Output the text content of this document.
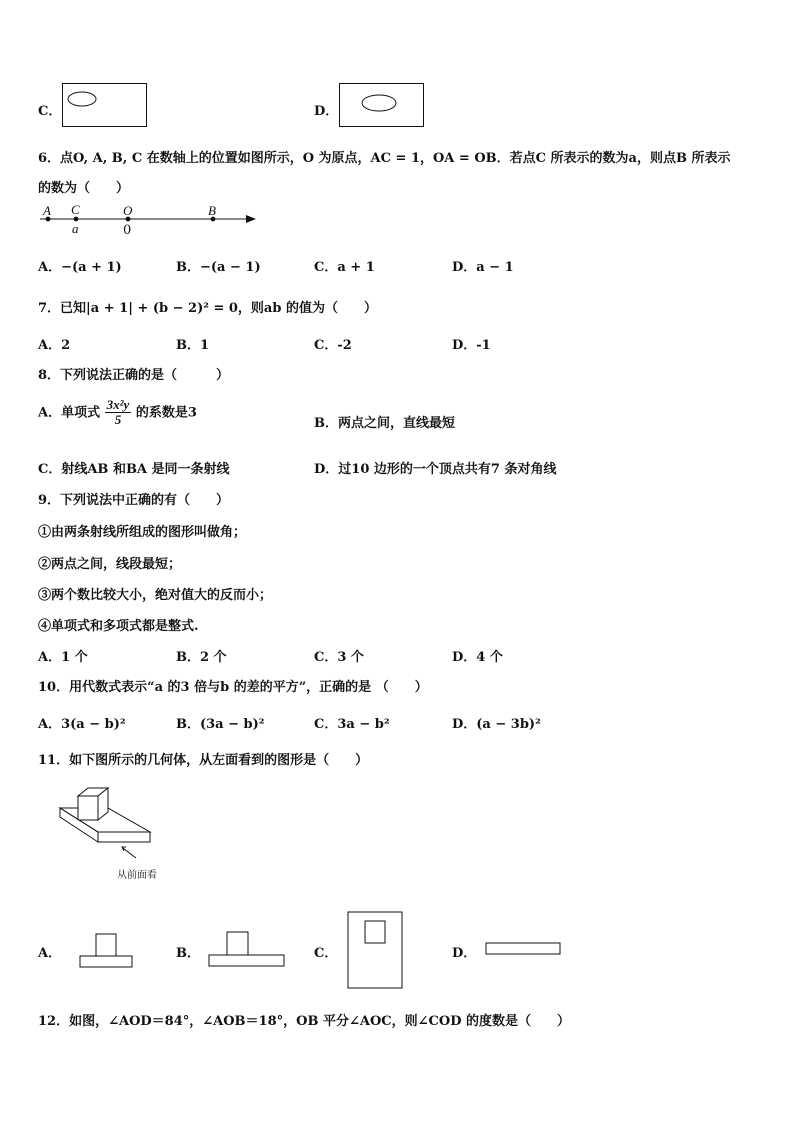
C．	D．
6．点O, A, B, C 在数轴上的位置如图所示，O 为原点，AC = 1，OA = OB．若点C 所表示的数为a，则点B 所表示
的数为（　　）
A C	O	B
a	0
A．−(a + 1)	B．−(a − 1)	C．a + 1	D．a − 1
7．已知|a + 1| + (b − 2)² = 0，则ab 的值为（　　）
A．2	B．1	C．-2	D．-1
8．下列说法正确的是（　　　）
A．单项式 $\frac{\text{3x²y}}{5}$ 的系数是3
B．两点之间，直线最短
C．射线AB 和BA 是同一条射线	D．过10 边形的一个顶点共有7 条对角线
9．下列说法中正确的有（　　）
①由两条射线所组成的图形叫做角；
②两点之间，线段最短；
③两个数比较大小，绝对值大的反而小；
④单项式和多项式都是整式.
A．1 个	B．2 个	C．3 个	D．4 个
10．用代数式表示“a 的3 倍与b 的差的平方”，正确的是 （　　）
A．3(a − b)²	B．(3a − b)²	C．3a − b²	D．(a − 3b)²
11．如下图所示的几何体，从左面看到的图形是（　　）
从前面看
A．	B．	C．	D．
12．如图，∠AOD＝84°，∠AOB＝18°，OB 平分∠AOC，则∠COD 的度数是（　　）
